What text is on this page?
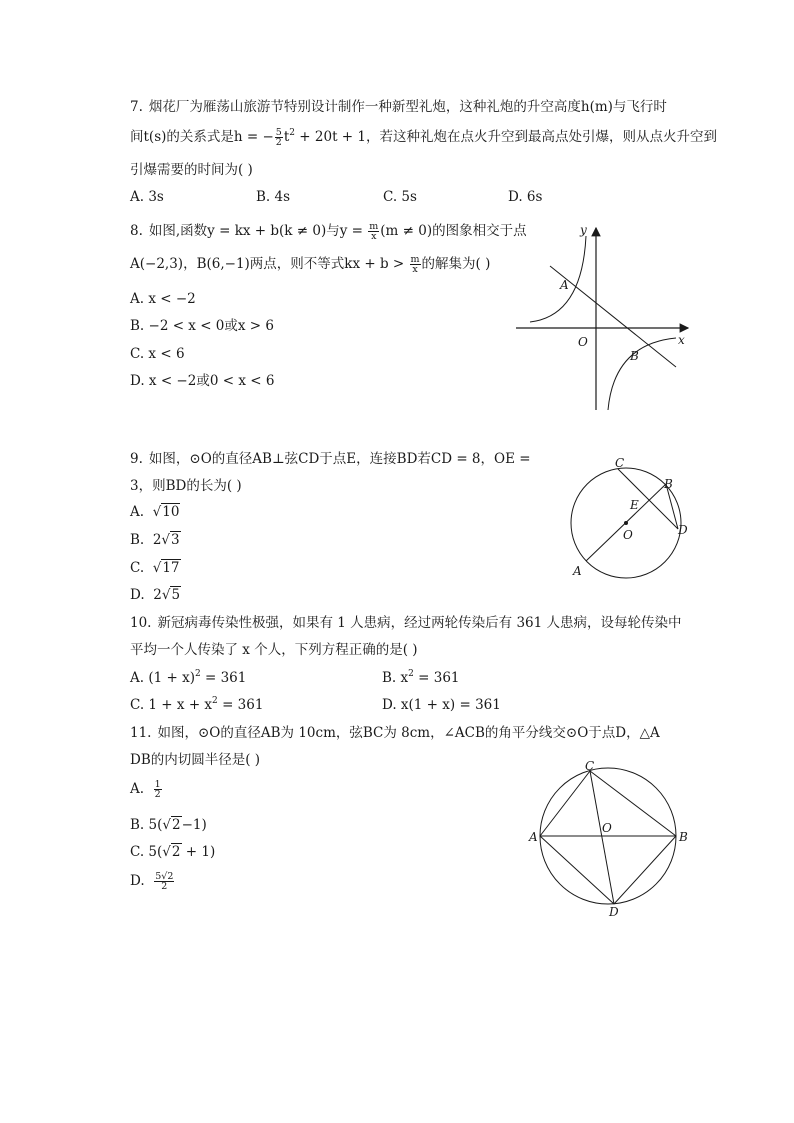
7. 烟花厂为雁荡山旅游节特别设计制作一种新型礼炮，这种礼炮的升空高度h(m)与飞行时
间t(s)的关系式是h = − $\frac{5}{2} t^2 + 20t + 1$，若这种礼炮在点火升空到最高点处引爆，则从点火升空到
引爆需要的时间为( )
A. 3s	B. 4s	C. 5s	D. 6s
8. 如图,函数y = kx + b(k ≠ 0)与$y = \frac{m}{x} (m \ne 0)$的图象相交于点
A(−2,3)，B(6,−1)两点，则不等式kx + $b > \frac{m}{x}$ 的解集为( )
A. x < −2
B. −2 < x < 0或x > 6
C. x < 6
D. x < −2或0 < x < 6
y
x
O
A
B
9. 如图，⊙O的直径AB⊥弦CD于点E，连接BD若CD = 8，OE =
3，则BD的长为( )
A. √10
B. 2√3
C. √17
D. 2√5
C
B
E
O	D
A
10. 新冠病毒传染性极强，如果有 1 人患病，经过两轮传染后有 361 人患病，设每轮传染中
平均一个人传染了 x 个人，下列方程正确的是( )
A. $(1 + x)^2 = 361$	B. $x^2 = 361$
C. $1 + x + x^2 = 361$	D. x(1 + x) = 361
11. 如图，⊙O的直径AB为 10cm，弦BC为 8cm，∠ACB的角平分线交⊙O于点D，△A
DB的内切圆半径是( )
A. $\frac{1}{2}$
B. 5(√2−1)
C. 5(√2 + 1)
D. $\frac{5√2}{2}$
C
A
O
B
D
